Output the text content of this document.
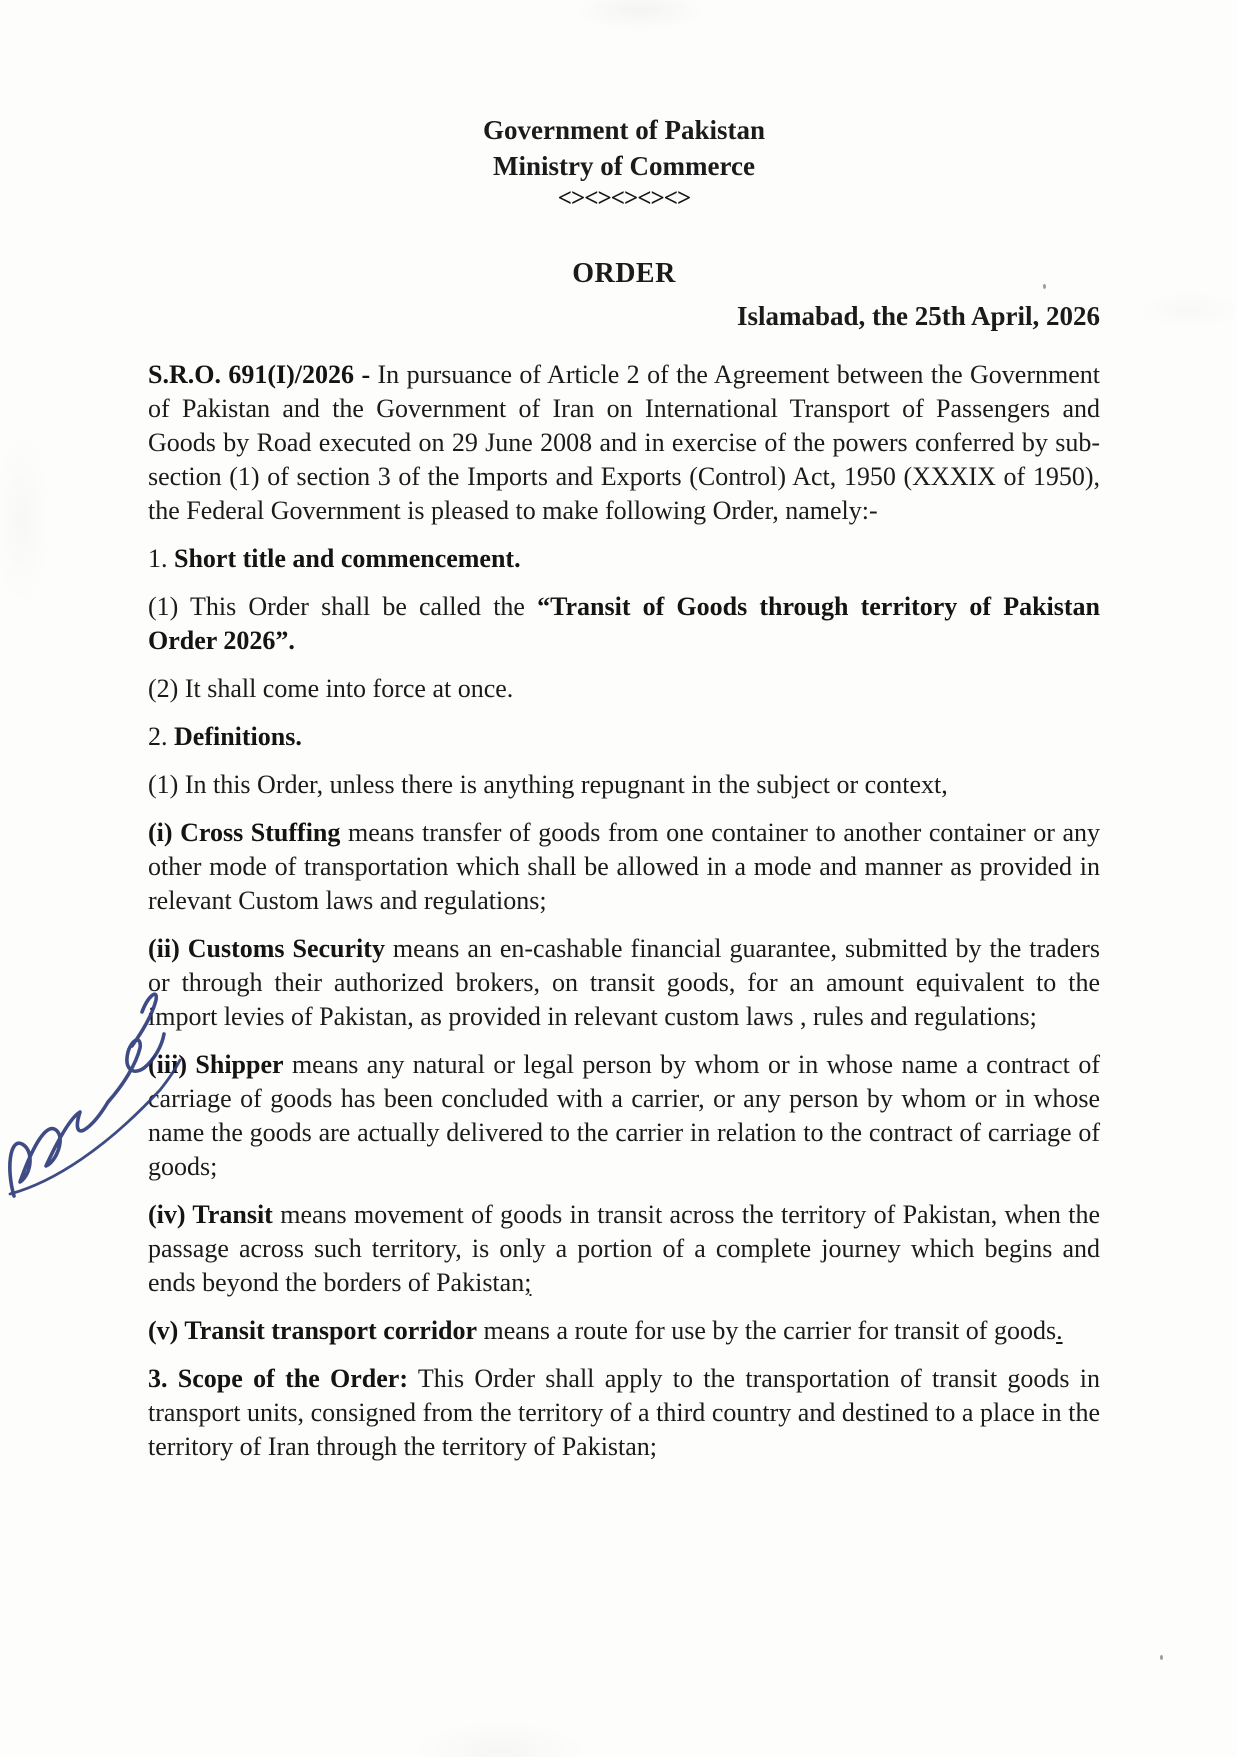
Government of Pakistan
Ministry of Commerce
<><><><><>
ORDER
Islamabad, the 25th April, 2026

S.R.O. 691(I)/2026 - In pursuance of Article 2 of the Agreement between the Government of Pakistan and the Government of Iran on International Transport of Passengers and Goods by Road executed on 29 June 2008 and in exercise of the powers conferred by sub-section (1) of section 3 of the Imports and Exports (Control) Act, 1950 (XXXIX of 1950), the Federal Government is pleased to make following Order, namely:-

1. Short title and commencement.

(1) This Order shall be called the “Transit of Goods through territory of Pakistan Order 2026”.

(2) It shall come into force at once.

2. Definitions.

(1) In this Order, unless there is anything repugnant in the subject or context,

(i) Cross Stuffing means transfer of goods from one container to another container or any other mode of transportation which shall be allowed in a mode and manner as provided in relevant Custom laws and regulations;

(ii) Customs Security means an en-cashable financial guarantee, submitted by the traders or through their authorized brokers, on transit goods, for an amount equivalent to the import levies of Pakistan, as provided in relevant custom laws , rules and regulations;

(iii) Shipper means any natural or legal person by whom or in whose name a contract of carriage of goods has been concluded with a carrier, or any person by whom or in whose name the goods are actually delivered to the carrier in relation to the contract of carriage of goods;

(iv) Transit means movement of goods in transit across the territory of Pakistan, when the passage across such territory, is only a portion of a complete journey which begins and ends beyond the borders of Pakistan;

(v) Transit transport corridor means a route for use by the carrier for transit of goods.

3. Scope of the Order: This Order shall apply to the transportation of transit goods in transport units, consigned from the territory of a third country and destined to a place in the territory of Iran through the territory of Pakistan;
